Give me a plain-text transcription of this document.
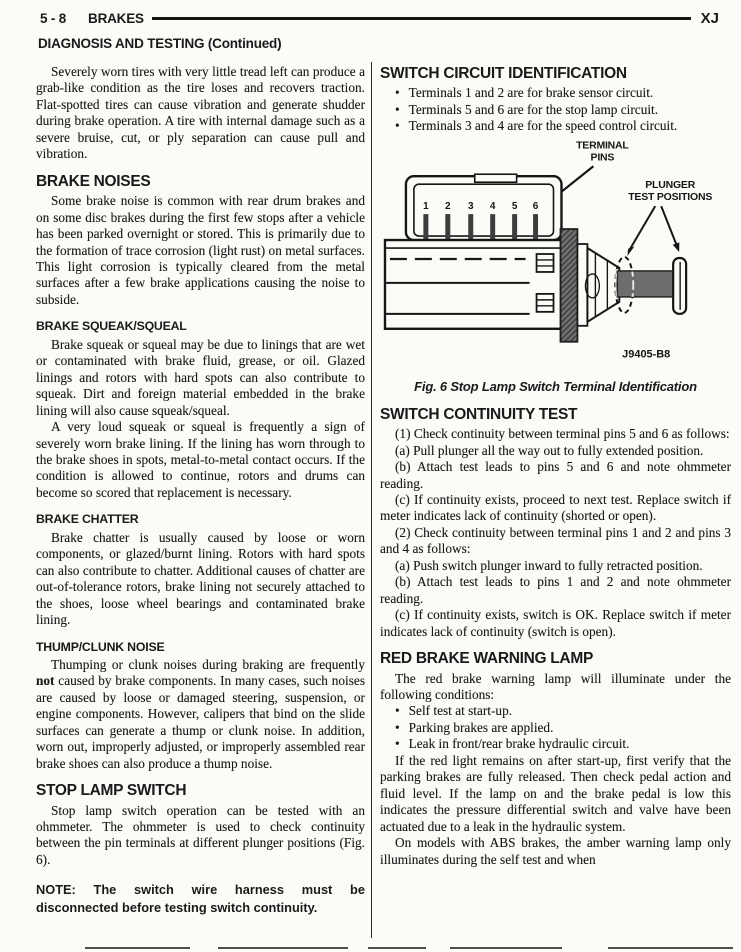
5 - 8 BRAKES	XJ
DIAGNOSIS AND TESTING (Continued)

Severely worn tires with very little tread left can produce a grab-like condition as the tire loses and recovers traction. Flat-spotted tires can cause vibration and generate shudder during brake operation. A tire with internal damage such as a severe bruise, cut, or ply separation can cause pull and vibration.

BRAKE NOISES

Some brake noise is common with rear drum brakes and on some disc brakes during the first few stops after a vehicle has been parked overnight or stored. This is primarily due to the formation of trace corrosion (light rust) on metal surfaces. This light corrosion is typically cleared from the metal surfaces after a few brake applications causing the noise to subside.

BRAKE SQUEAK/SQUEAL

Brake squeak or squeal may be due to linings that are wet or contaminated with brake fluid, grease, or oil. Glazed linings and rotors with hard spots can also contribute to squeak. Dirt and foreign material embedded in the brake lining will also cause squeak/squeal.

A very loud squeak or squeal is frequently a sign of severely worn brake lining. If the lining has worn through to the brake shoes in spots, metal-to-metal contact occurs. If the condition is allowed to continue, rotors and drums can become so scored that replacement is necessary.

BRAKE CHATTER

Brake chatter is usually caused by loose or worn components, or glazed/burnt lining. Rotors with hard spots can also contribute to chatter. Additional causes of chatter are out-of-tolerance rotors, brake lining not securely attached to the shoes, loose wheel bearings and contaminated brake lining.

THUMP/CLUNK NOISE

Thumping or clunk noises during braking are frequently not caused by brake components. In many cases, such noises are caused by loose or damaged steering, suspension, or engine components. However, calipers that bind on the slide surfaces can generate a thump or clunk noise. In addition, worn out, improperly adjusted, or improperly assembled rear brake shoes can also produce a thump noise.

STOP LAMP SWITCH

Stop lamp switch operation can be tested with an ohmmeter. The ohmmeter is used to check continuity between the pin terminals at different plunger positions (Fig. 6).

NOTE: The switch wire harness must be disconnected before testing switch continuity.

SWITCH CIRCUIT IDENTIFICATION

• Terminals 1 and 2 are for brake sensor circuit.

• Terminals 5 and 6 are for the stop lamp circuit.

• Terminals 3 and 4 are for the speed control circuit.

TERMINAL
PINS
PLUNGER
TEST POSITIONS
1 2 3 4 5 6
J9405-B8
Fig. 6 Stop Lamp Switch Terminal Identification
SWITCH CONTINUITY TEST

(1) Check continuity between terminal pins 5 and 6 as follows:

(a) Pull plunger all the way out to fully extended position.

(b) Attach test leads to pins 5 and 6 and note ohmmeter reading.

(c) If continuity exists, proceed to next test. Replace switch if meter indicates lack of continuity (shorted or open).

(2) Check continuity between terminal pins 1 and 2 and pins 3 and 4 as follows:

(a) Push switch plunger inward to fully retracted position.

(b) Attach test leads to pins 1 and 2 and note ohmmeter reading.

(c) If continuity exists, switch is OK. Replace switch if meter indicates lack of continuity (switch is open).

RED BRAKE WARNING LAMP

The red brake warning lamp will illuminate under the following conditions:

• Self test at start-up.

• Parking brakes are applied.

• Leak in front/rear brake hydraulic circuit.

If the red light remains on after start-up, first verify that the parking brakes are fully released. Then check pedal action and fluid level. If the lamp on and the brake pedal is low this indicates the pressure differential switch and valve have been actuated due to a leak in the hydraulic system.

On models with ABS brakes, the amber warning lamp only illuminates during the self test and when
